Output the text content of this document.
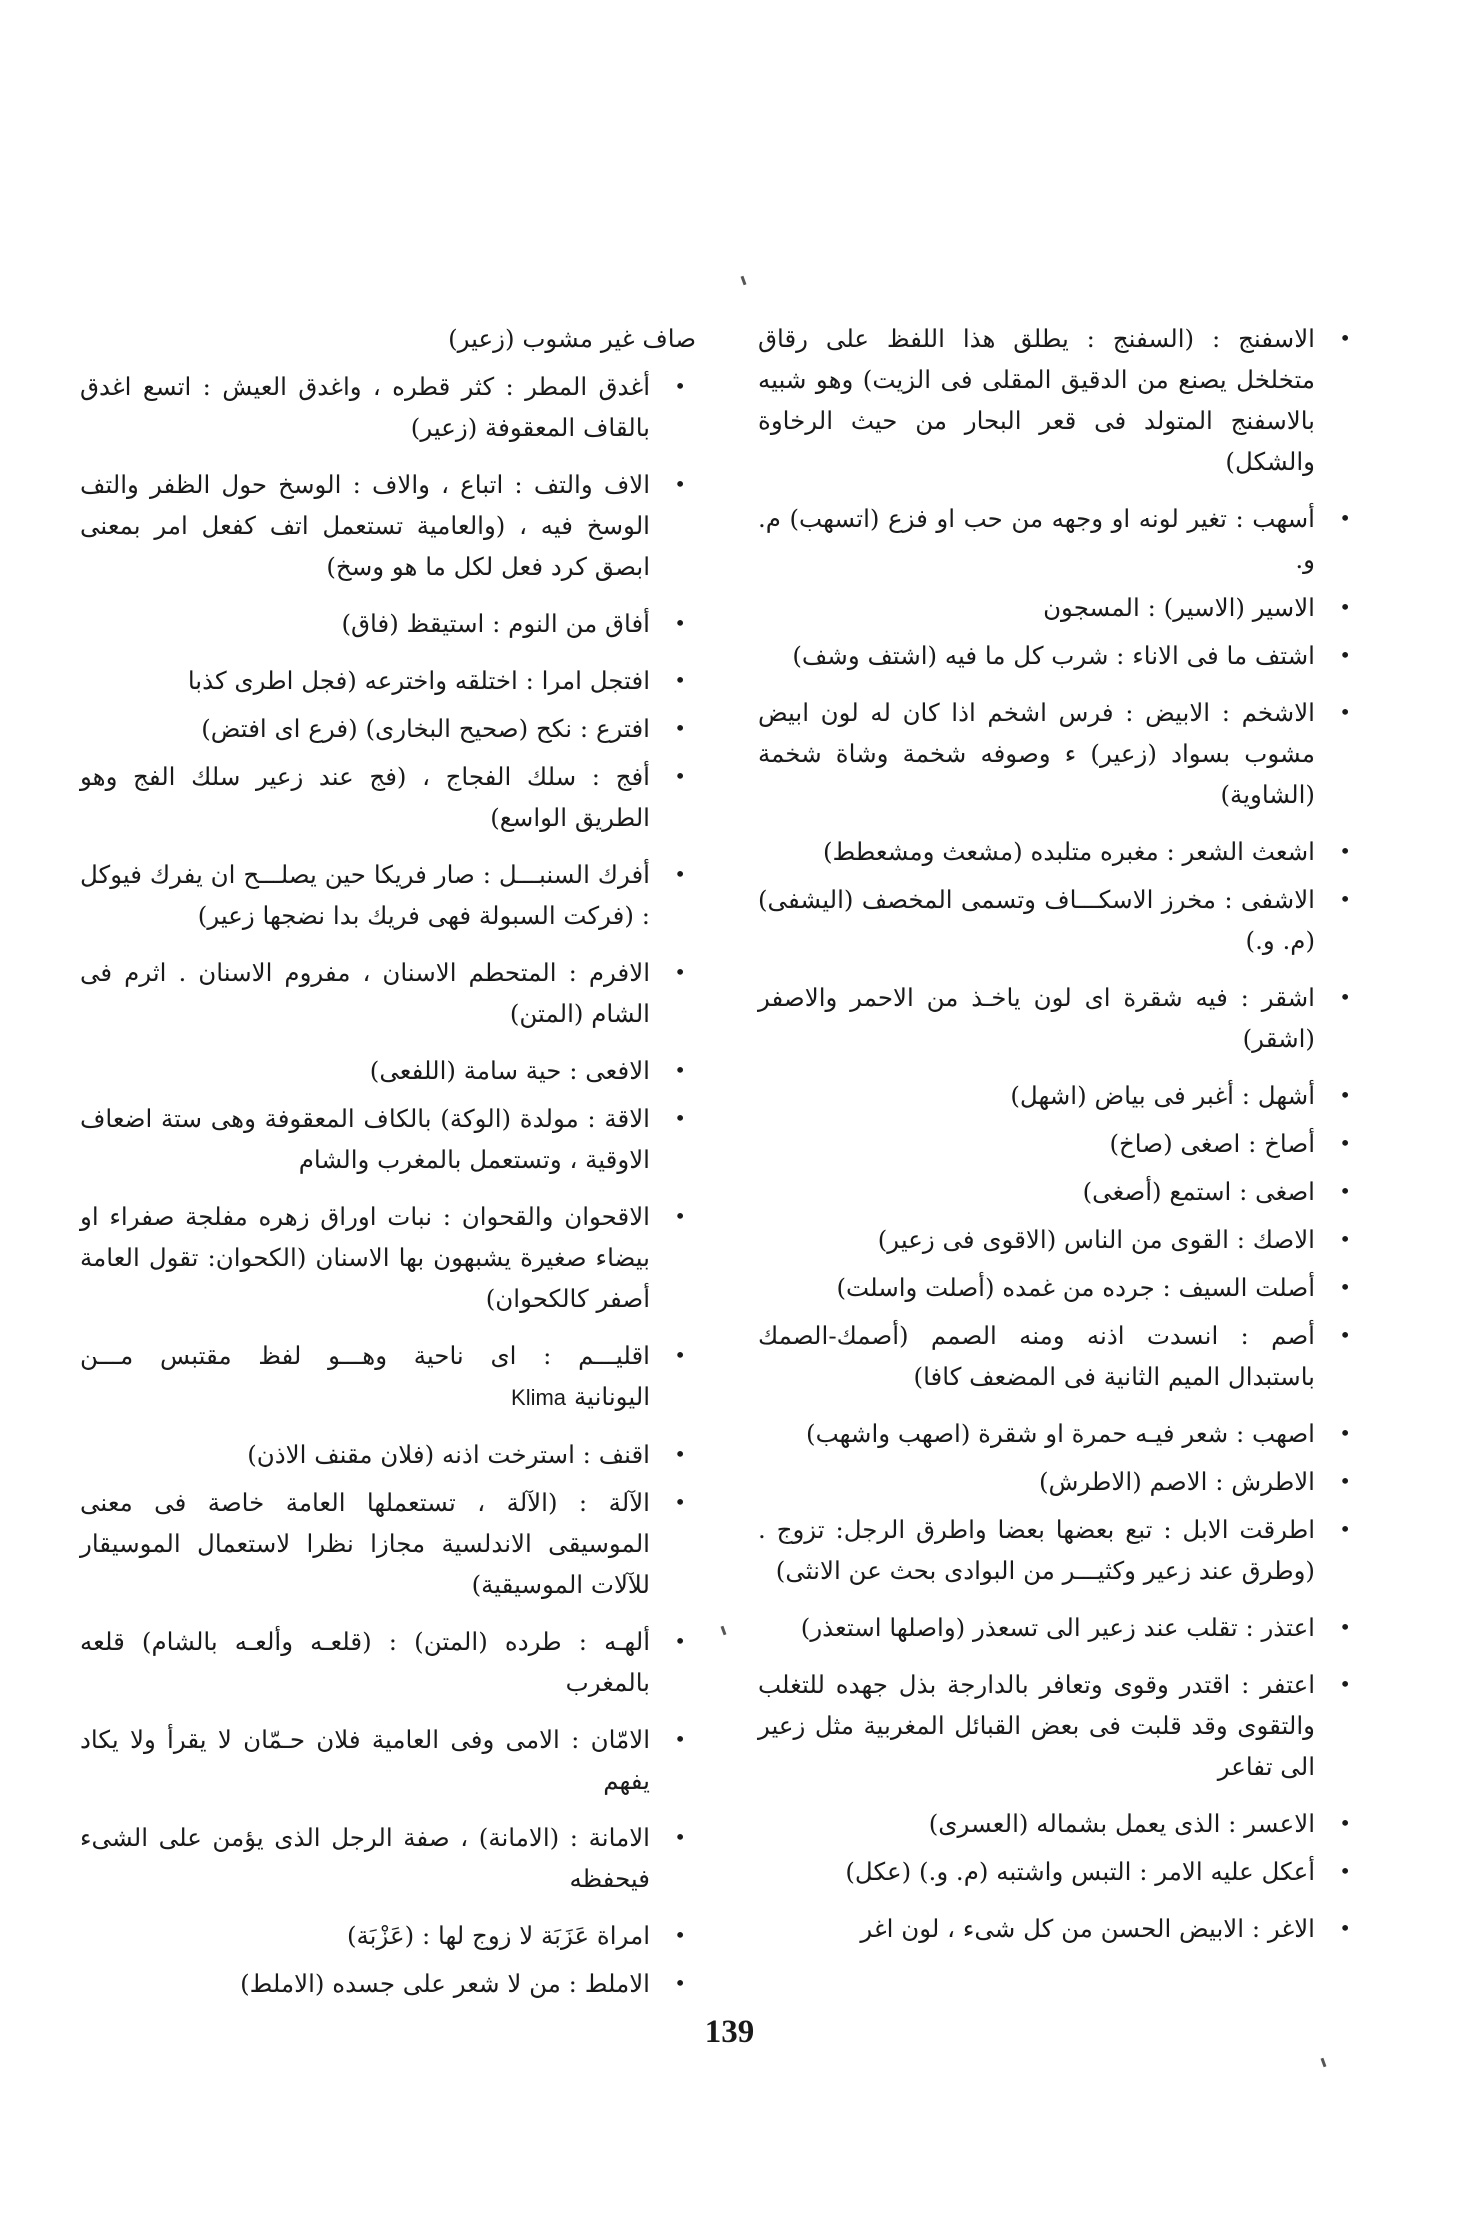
•
الاسفنج : (السفنج : يطلق هذا اللفظ على رقاق متخلخل يصنع من الدقيق المقلى فى الزيت) وهو شبيه بالاسفنج المتولد فى قعر البحار من حيث الرخاوة والشكل)
•
أسهب : تغير لونه او وجهه من حب او فزع (اتسهب) م. و.
•
الاسير (الاسير) : المسجون
•
اشتف ما فى الاناء : شرب كل ما فيه (اشتف وشف)
•
الاشخم : الابيض : فرس اشخم اذا كان له لون ابيض مشوب بسواد (زعير) ء وصوفه شخمة وشاة شخمة (الشاوية)
•
اشعث الشعر : مغبره متلبده (مشعث ومشعطط)
•
الاشفى : مخرز الاسكـــاف وتسمى المخصف (اليشفى) (م. و.)
•
اشقر : فيه شقرة اى لون ياخـذ من الاحمر والاصفر (اشقر)
•
أشهل : أغبر فى بياض (اشهل)
•
أصاخ : اصغى (صاخ)
•
اصغى : استمع (أصغى)
•
الاصك : القوى من الناس (الاقوى فى زعير)
•
أصلت السيف : جرده من غمده (أصلت واسلت)
•
أصم : انسدت اذنه ومنه الصمم (أصمك-الصمك باستبدال الميم الثانية فى المضعف كافا)
•
اصهب : شعر فيـه حمرة او شقرة (اصهب واشهب)
•
الاطرش : الاصم (الاطرش)
•
اطرقت الابل : تبع بعضها بعضا واطرق الرجل: تزوج . (وطرق عند زعير وكثيـــر من البوادى بحث عن الانثى)
•
اعتذر : تقلب عند زعير الى تسعذر (واصلها استعذر)
•
اعتفر : اقتدر وقوى وتعافر بالدارجة بذل جهده للتغلب والتقوى وقد قلبت فى بعض القبائل المغربية مثل زعير الى تفاعر
•
الاعسر : الذى يعمل بشماله (العسرى)
•
أعكل عليه الامر : التبس واشتبه (م. و.) (عكل)
•
الاغر : الابيض الحسن من كل شىء ، لون اغر
صاف غير مشوب (زعير)
•
أغدق المطر : كثر قطره ، واغدق العيش : اتسع اغدق بالقاف المعقوفة (زعير)
•
الاف والتف : اتباع ، والاف : الوسخ حول الظفر والتف الوسخ فيه ، (والعامية تستعمل اتف كفعل امر بمعنى ابصق كرد فعل لكل ما هو وسخ)
•
أفاق من النوم : استيقظ (فاق)
•
افتجل امرا : اختلقه واخترعه (فجل اطرى كذبا
•
افترع : نكح (صحيح البخارى) (فرع اى افتض)
•
أفج : سلك الفجاج ، (فج عند زعير سلك الفج وهو الطريق الواسع)
•
أفرك السنبـــل : صار فريكا حين يصلـــح ان يفرك فيوكل : (فركت السبولة فهى فريك بدا نضجها زعير)
•
الافرم : المتحطم الاسنان ، مفروم الاسنان . اثرم فى الشام (المتن)
•
الافعى : حية سامة (اللفعى)
•
الاقة : مولدة (الوكة) بالكاف المعقوفة وهى ستة اضعاف الاوقية ، وتستعمل بالمغرب والشام
•
الاقحوان والقحوان : نبات اوراق زهره مفلجة صفراء او بيضاء صغيرة يشبهون بها الاسنان (الكحوان: تقول العامة أصفر كالكحوان)
•
اقليـــم : اى ناحية وهـــو لفظ مقتبس مـــن اليونانيةKlima
•
اقنف : استرخت اذنه (فلان مقنف الاذن)
•
الآلة : (الآلة ، تستعملها العامة خاصة فى معنى الموسيقى الاندلسية مجازا نظرا لاستعمال الموسيقار للآلات الموسيقية)
•
ألهـه : طرده (المتن) : (قلعـه وألعـه بالشام) قلعه بالمغرب
•
الامّان : الامى وفى العامية فلان حـمّان لا يقرأ ولا يكاد يفهم
•
الامانة : (الامانة) ، صفة الرجل الذى يؤمن على الشىء فيحفظه
•
امراة عَزَبَة لا زوج لها : (عَزْبَة)
•
الاملط : من لا شعر على جسده (الاملط)
139
